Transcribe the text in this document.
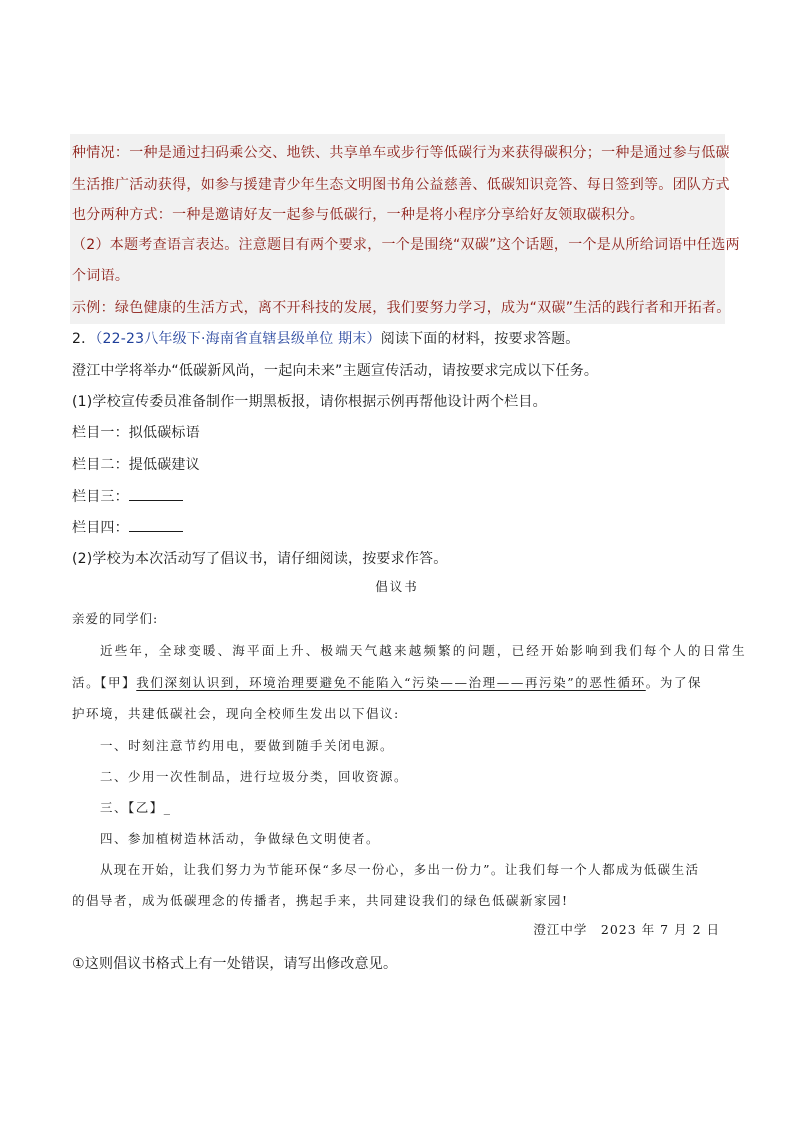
种情况：一种是通过扫码乘公交、地铁、共享单车或步行等低碳行为来获得碳积分；一种是通过参与低碳
生活推广活动获得，如参与援建青少年生态文明图书角公益慈善、低碳知识竞答、每日签到等。团队方式
也分两种方式：一种是邀请好友一起参与低碳行，一种是将小程序分享给好友领取碳积分。
（2）本题考查语言表达。注意题目有两个要求，一个是围绕“双碳”这个话题，一个是从所给词语中任选两
个词语。
示例：绿色健康的生活方式，离不开科技的发展，我们要努力学习，成为“双碳”生活的践行者和开拓者。
2．（22-23八年级下·海南省直辖县级单位 期末）阅读下面的材料，按要求答题。
澄江中学将举办“低碳新风尚，一起向未来”主题宣传活动，请按要求完成以下任务。
(1)学校宣传委员准备制作一期黑板报，请你根据示例再帮他设计两个栏目。
栏目一：拟低碳标语
栏目二：提低碳建议
栏目三：
栏目四：
(2)学校为本次活动写了倡议书，请仔细阅读，按要求作答。
倡议书
亲爱的同学们:
近些年，全球变暖、海平面上升、极端天气越来越频繁的问题，已经开始影响到我们每个人的日常生
活。【甲】我们深刻认识到，环境治理要避免不能陷入“污染——治理——再污染”的恶性循环。为了保
护环境，共建低碳社会，现向全校师生发出以下倡议:
一、时刻注意节约用电，要做到随手关闭电源。
二、少用一次性制品，进行垃圾分类，回收资源。
三、【乙】_
四、参加植树造林活动，争做绿色文明使者。
从现在开始，让我们努力为节能环保“多尽一份心，多出一份力”。让我们每一个人都成为低碳生活
的倡导者，成为低碳理念的传播者，携起手来，共同建设我们的绿色低碳新家园!
澄江中学　2023 年 7 月 2 日
①这则倡议书格式上有一处错误，请写出修改意见。
